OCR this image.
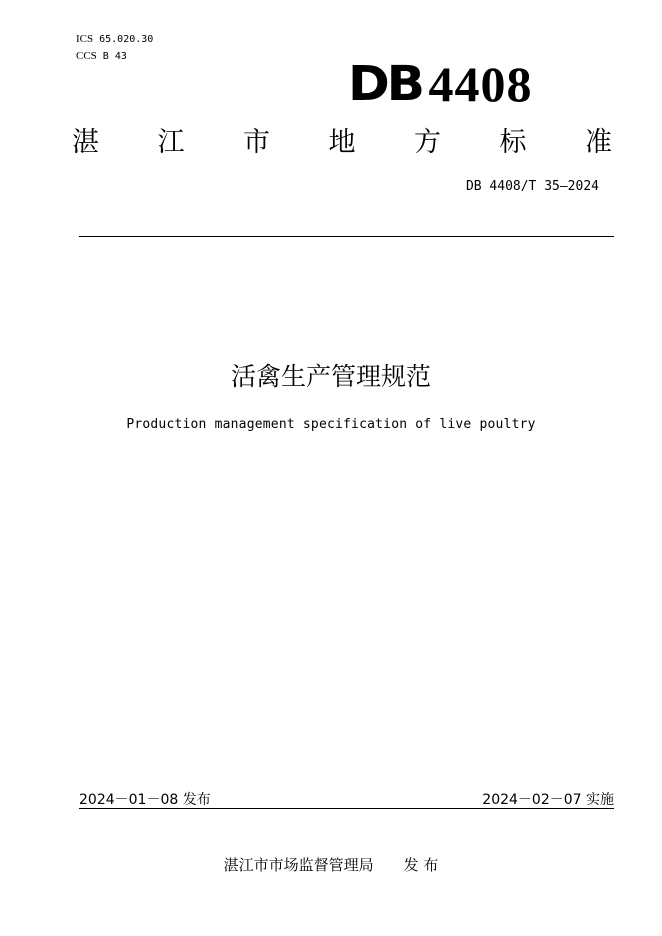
ICS 65.020.30
CCS B 43	DB 4408
湛 江 市 地 方 标 准
DB 4408/T 35—2024
活禽生产管理规范
Production management specification of live poultry
2024－01－08 发布	2024－02－07 实施
湛江市市场监督管理局 发 布
